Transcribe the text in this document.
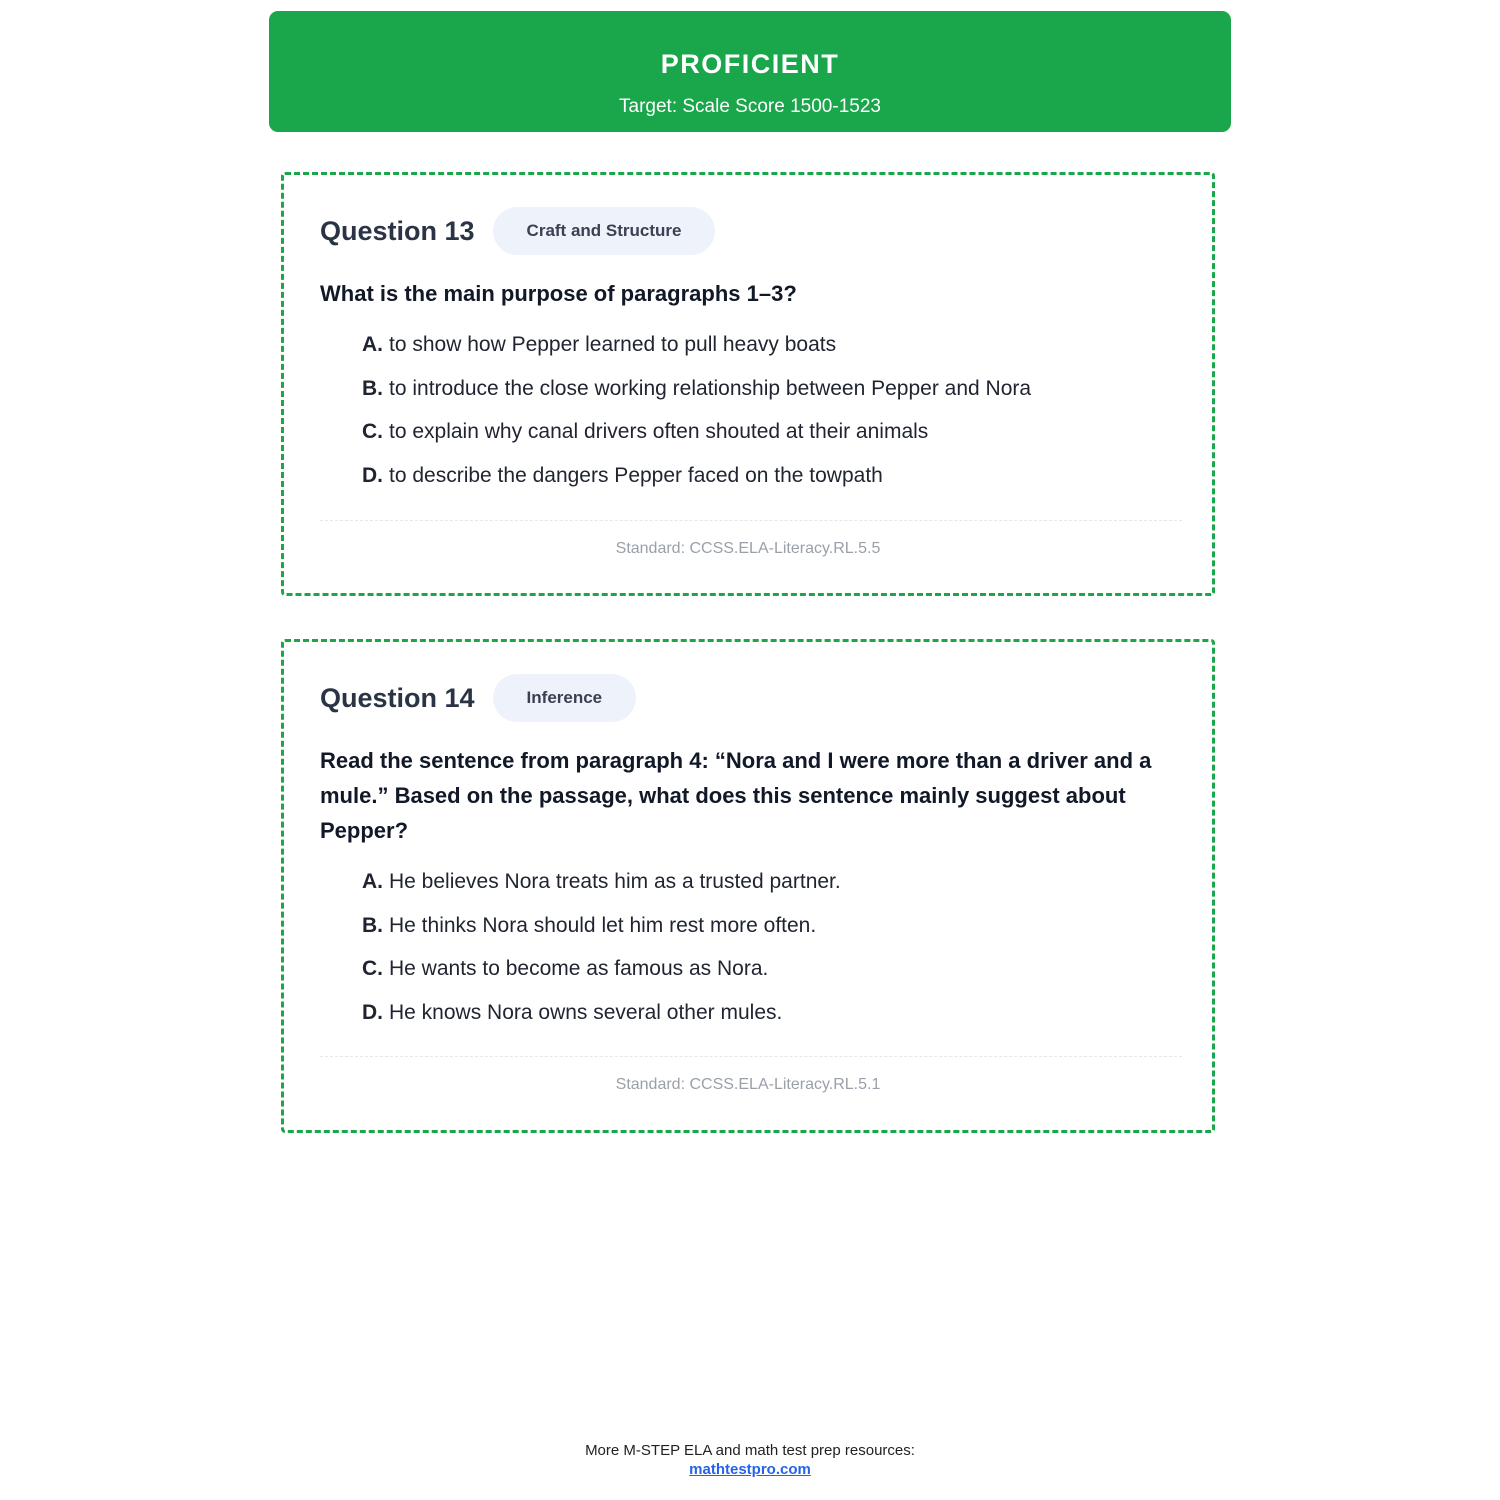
PROFICIENT
Target: Scale Score 1500-1523
Question 13	Craft and Structure
What is the main purpose of paragraphs 1–3?
A. to show how Pepper learned to pull heavy boats
B. to introduce the close working relationship between Pepper and Nora
C. to explain why canal drivers often shouted at their animals
D. to describe the dangers Pepper faced on the towpath
Standard: CCSS.ELA-Literacy.RL.5.5
Question 14	Inference
Read the sentence from paragraph 4: “Nora and I were more than a driver and a mule.” Based on the passage, what does this sentence mainly suggest about Pepper?
A. He believes Nora treats him as a trusted partner.
B. He thinks Nora should let him rest more often.
C. He wants to become as famous as Nora.
D. He knows Nora owns several other mules.
Standard: CCSS.ELA-Literacy.RL.5.1
More M-STEP ELA and math test prep resources:
mathtestpro.com
